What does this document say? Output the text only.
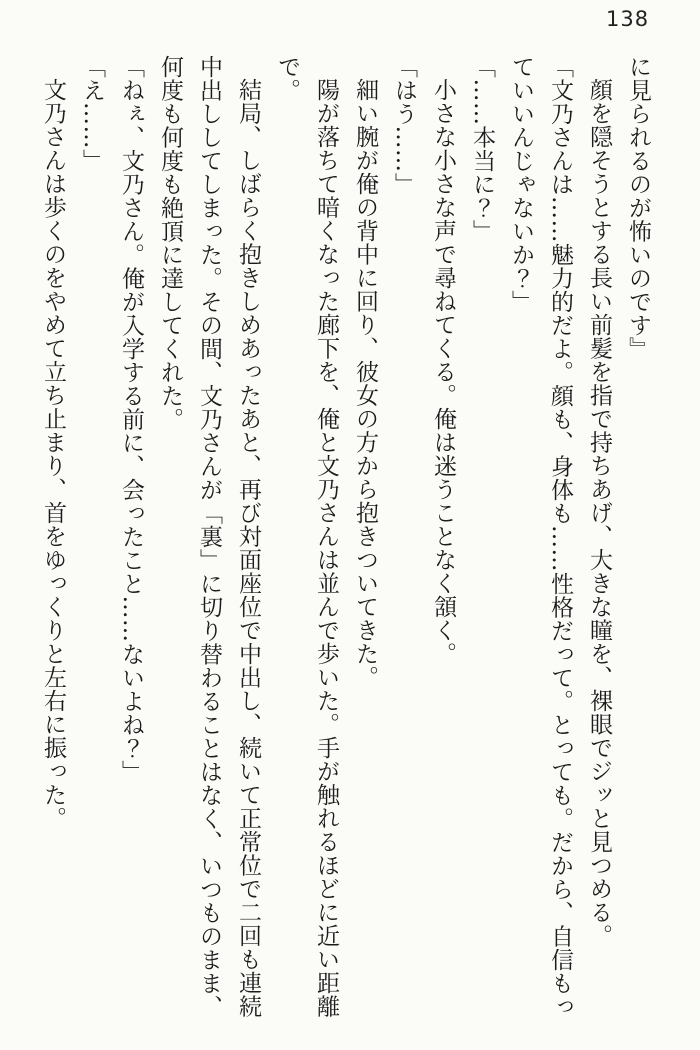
138

に見られるのが怖いのです』

顔を隠そうとする長い前髪を指で持ちあげ、大きな瞳を、裸眼でジッと見つめる。

「文乃さんは……魅力的だよ。顔も、身体も……性格だって。とっても。だから、自信もっていいんじゃないか？」

「……本当に？」

小さな小さな声で尋ねてくる。俺は迷うことなく頷く。

「はう……」

細い腕が俺の背中に回り、彼女の方から抱きついてきた。

陽が落ちて暗くなった廊下を、俺と文乃さんは並んで歩いた。手が触れるほどに近い距離で。

結局、しばらく抱きしめあったあと、再び対面座位で中出し、続いて正常位で二回も連続中出ししてしまった。その間、文乃さんが「裏」に切り替わることはなく、いつものまま、何度も何度も絶頂に達してくれた。

「ねぇ、文乃さん。俺が入学する前に、会ったこと……ないよね？」

「え……」

文乃さんは歩くのをやめて立ち止まり、首をゆっくりと左右に振った。
